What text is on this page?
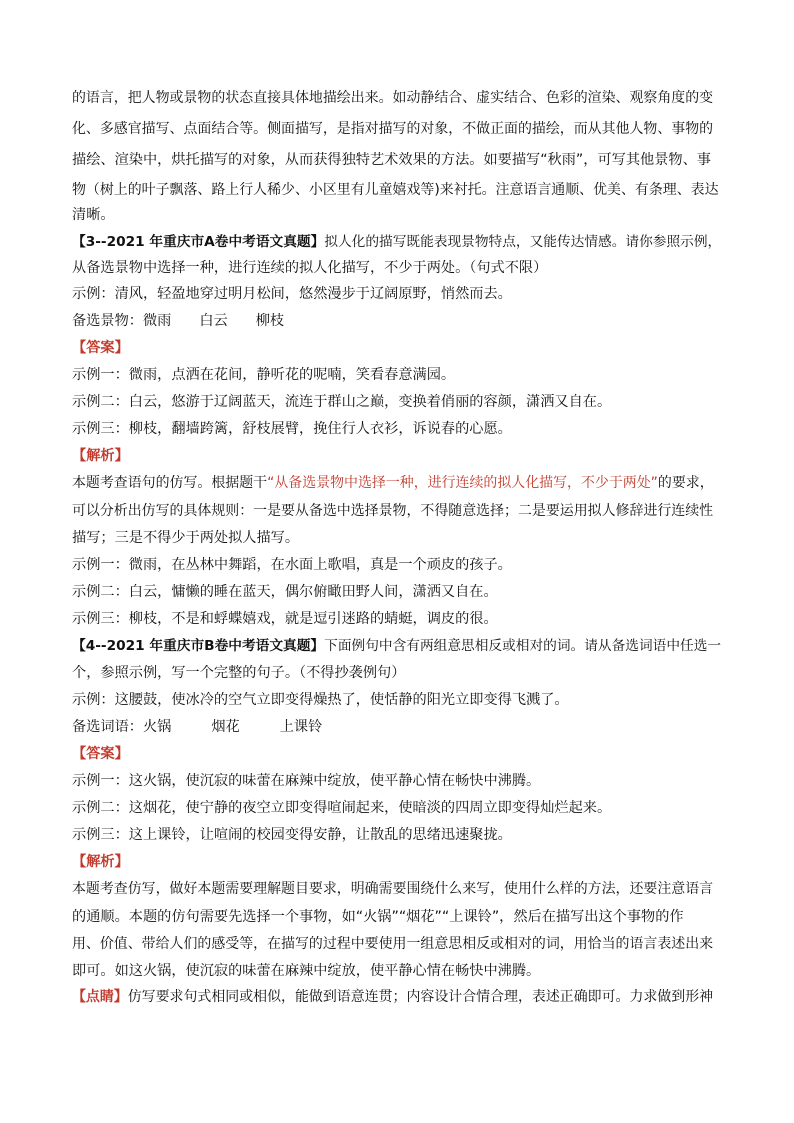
的语言，把人物或景物的状态直接具体地描绘出来。如动静结合、虚实结合、色彩的渲染、观察角度的变
化、多感官描写、点面结合等。侧面描写，是指对描写的对象，不做正面的描绘，而从其他人物、事物的
描绘、渲染中，烘托描写的对象，从而获得独特艺术效果的方法。如要描写“秋雨”，可写其他景物、事
物（树上的叶子飘落、路上行人稀少、小区里有儿童嬉戏等)来衬托。注意语言通顺、优美、有条理、表达
清晰。
【3--2021 年重庆市A卷中考语文真题】拟人化的描写既能表现景物特点，又能传达情感。请你参照示例，
从备选景物中选择一种，进行连续的拟人化描写，不少于两处。（句式不限）
示例：清风，轻盈地穿过明月松间，悠然漫步于辽阔原野，悄然而去。
备选景物：微雨 白云 柳枝
【答案】
示例一：微雨，点洒在花间，静听花的呢喃，笑看春意满园。
示例二：白云，悠游于辽阔蓝天，流连于群山之巅，变换着俏丽的容颜，潇洒又自在。
示例三：柳枝，翻墙跨篱，舒枝展臂，挽住行人衣衫，诉说春的心愿。
【解析】
本题考查语句的仿写。根据题干“从备选景物中选择一种，进行连续的拟人化描写，不少于两处”的要求，
可以分析出仿写的具体规则：一是要从备选中选择景物，不得随意选择；二是要运用拟人修辞进行连续性
描写；三是不得少于两处拟人描写。
示例一：微雨，在丛林中舞蹈，在水面上歌唱，真是一个顽皮的孩子。
示例二：白云，慵懒的睡在蓝天，偶尔俯瞰田野人间，潇洒又自在。
示例三：柳枝，不是和蜉蝶嬉戏，就是逗引迷路的蜻蜓，调皮的很。
【4--2021 年重庆市B卷中考语文真题】下面例句中含有两组意思相反或相对的词。请从备选词语中任选一
个，参照示例，写一个完整的句子。（不得抄袭例句）
示例：这腰鼓，使冰冷的空气立即变得燥热了，使恬静的阳光立即变得飞溅了。
备选词语：火锅	烟花	上课铃
【答案】
示例一：这火锅，使沉寂的味蕾在麻辣中绽放，使平静心情在畅快中沸腾。
示例二：这烟花，使宁静的夜空立即变得喧闹起来，使暗淡的四周立即变得灿烂起来。
示例三：这上课铃，让喧闹的校园变得安静，让散乱的思绪迅速聚拢。
【解析】
本题考查仿写，做好本题需要理解题目要求，明确需要围绕什么来写，使用什么样的方法，还要注意语言
的通顺。本题的仿句需要先选择一个事物，如“火锅”“烟花”“上课铃”，然后在描写出这个事物的作
用、价值、带给人们的感受等，在描写的过程中要使用一组意思相反或相对的词，用恰当的语言表述出来
即可。如这火锅，使沉寂的味蕾在麻辣中绽放，使平静心情在畅快中沸腾。
【点睛】仿写要求句式相同或相似，能做到语意连贯；内容设计合情合理，表述正确即可。力求做到形神
